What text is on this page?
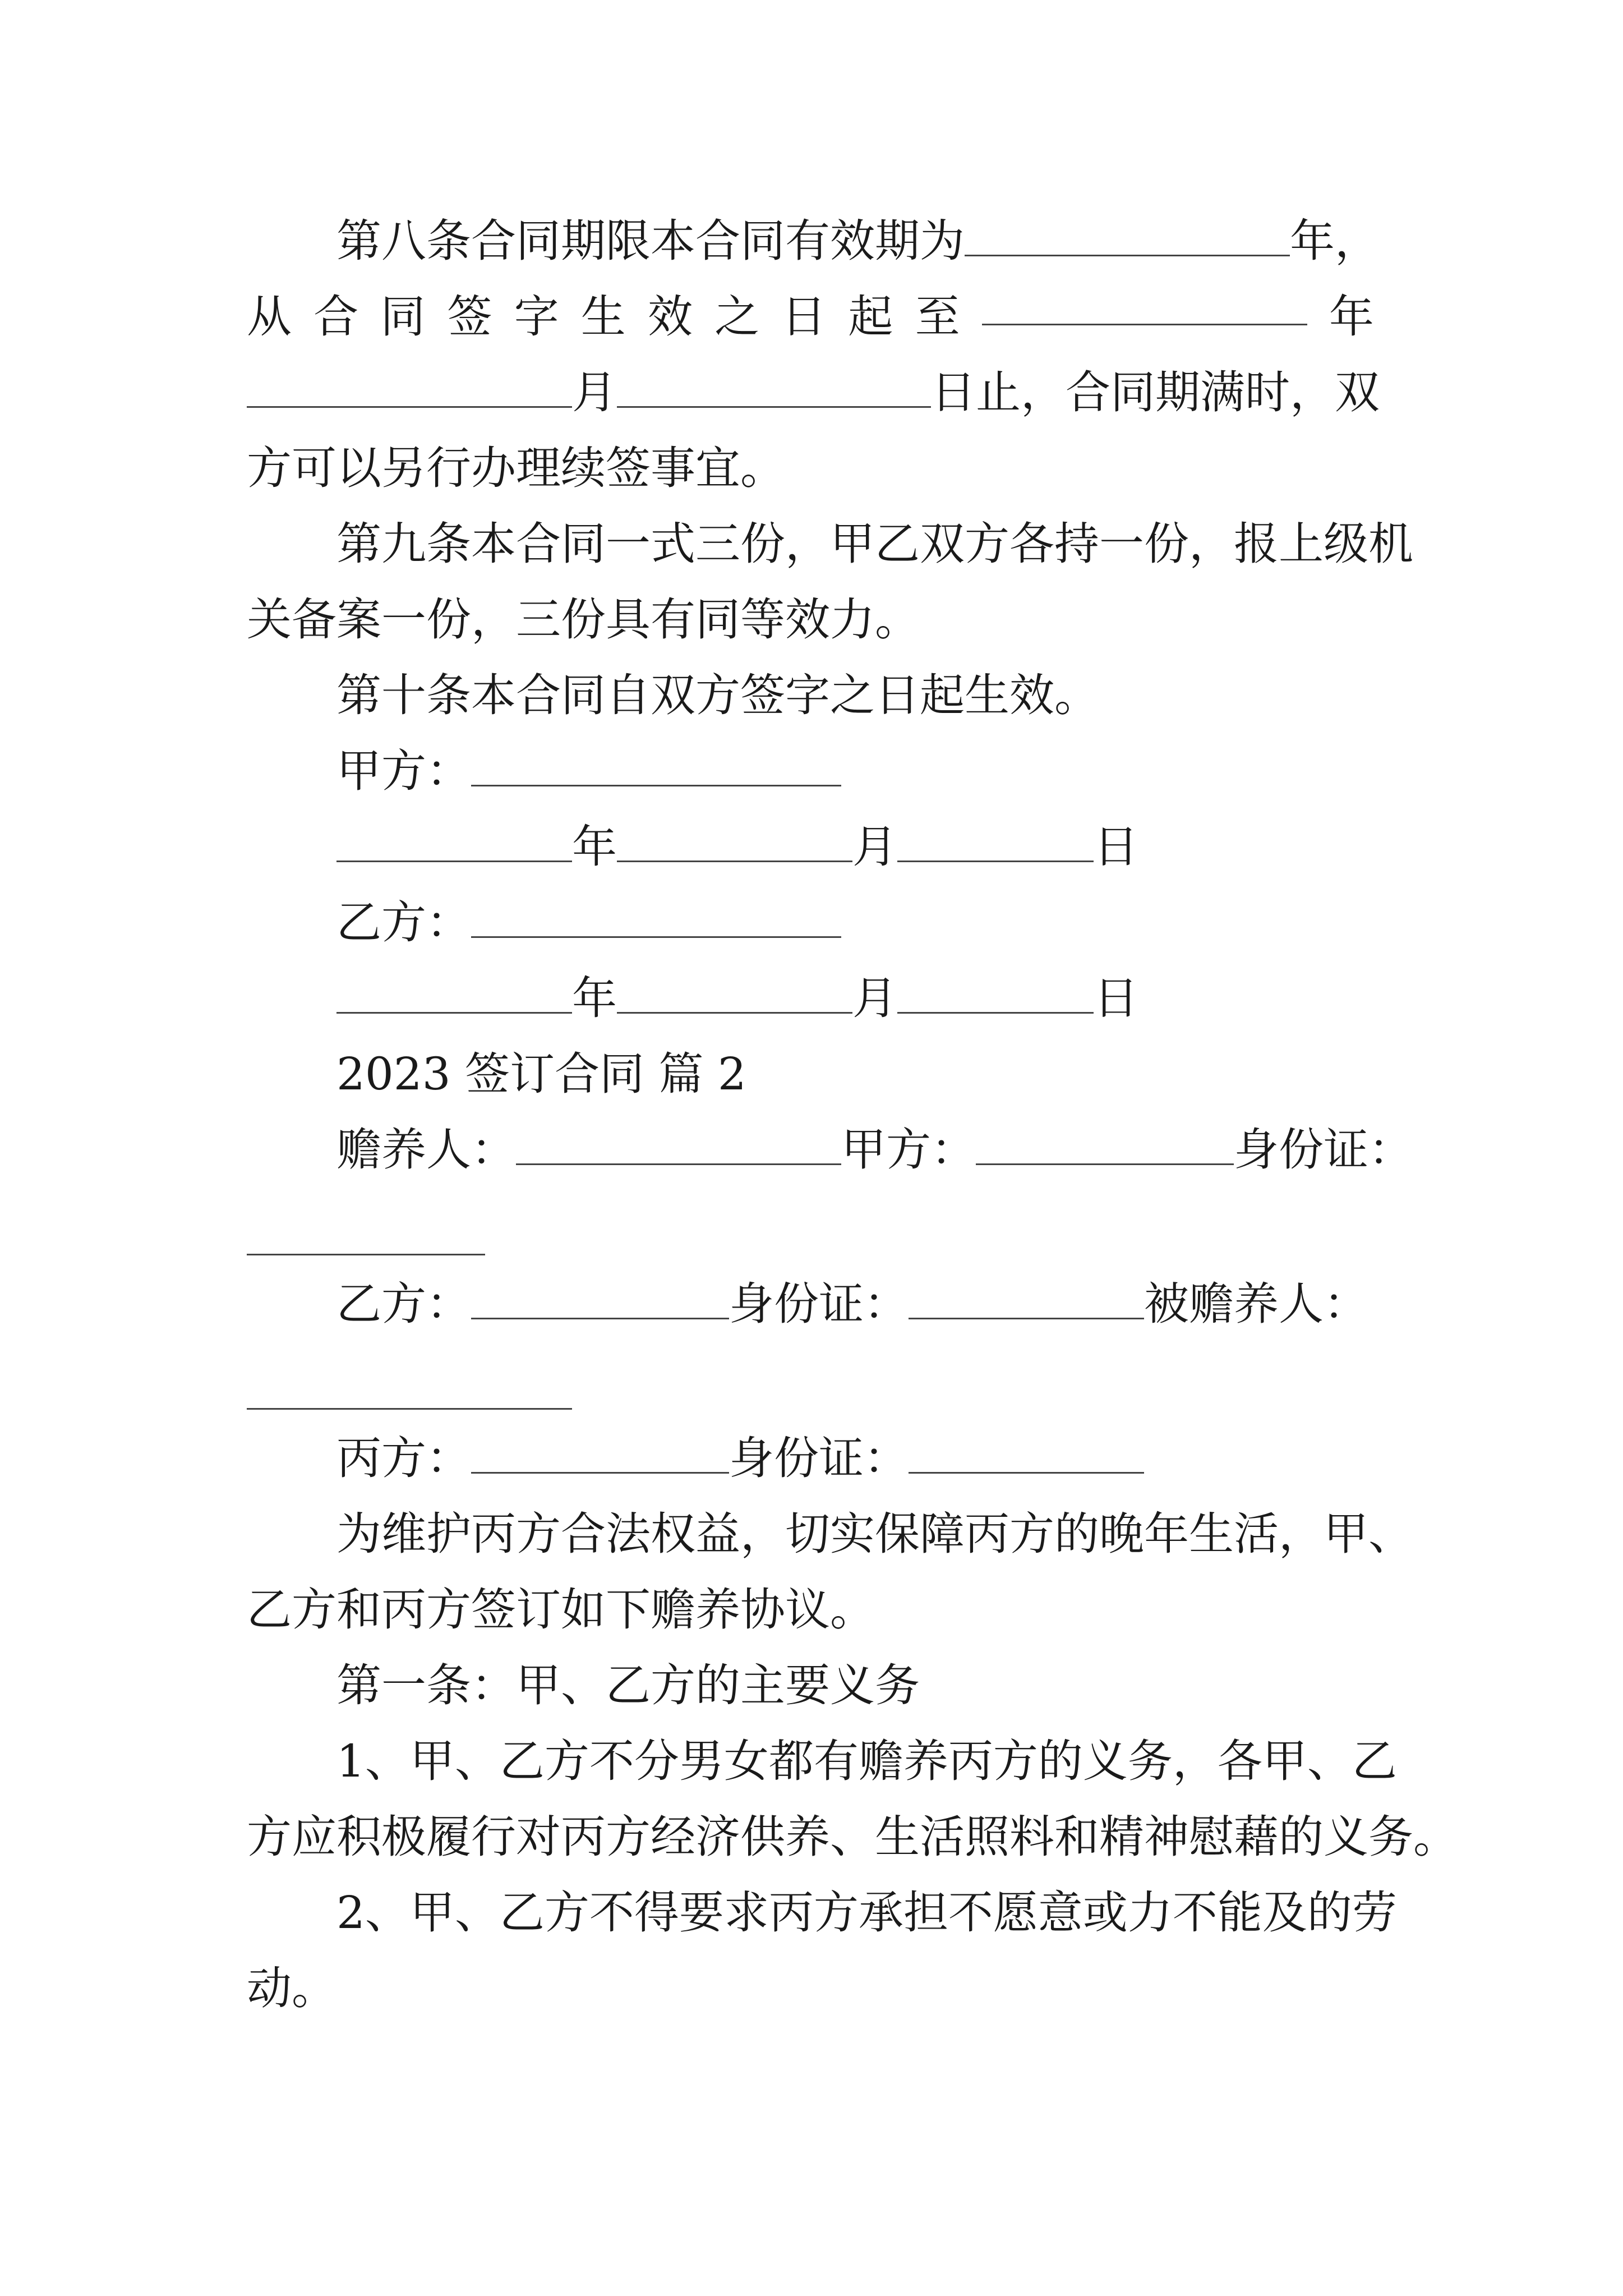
第八条合同期限本合同有效期为	年，
从 合 同 签 字 生 效 之 日 起 至	年
月	日止，合同期满时，双
方可以另行办理续签事宜。
第九条本合同一式三份，甲乙双方各持一份，报上级机
关备案一份，三份具有同等效力。
第十条本合同自双方签字之日起生效。
甲方：
年	月	日
乙方：
年	月	日
2023 签订合同 篇 2
赡养人：	甲方：	身份证：
乙方：	身份证：	被赡养人：
丙方：	身份证：
为维护丙方合法权益，切实保障丙方的晚年生活，甲、
乙方和丙方签订如下赡养协议。
第一条：甲、乙方的主要义务
1、甲、乙方不分男女都有赡养丙方的义务，各甲、乙
方应积极履行对丙方经济供养、生活照料和精神慰藉的义务。
2、甲、乙方不得要求丙方承担不愿意或力不能及的劳
动。
